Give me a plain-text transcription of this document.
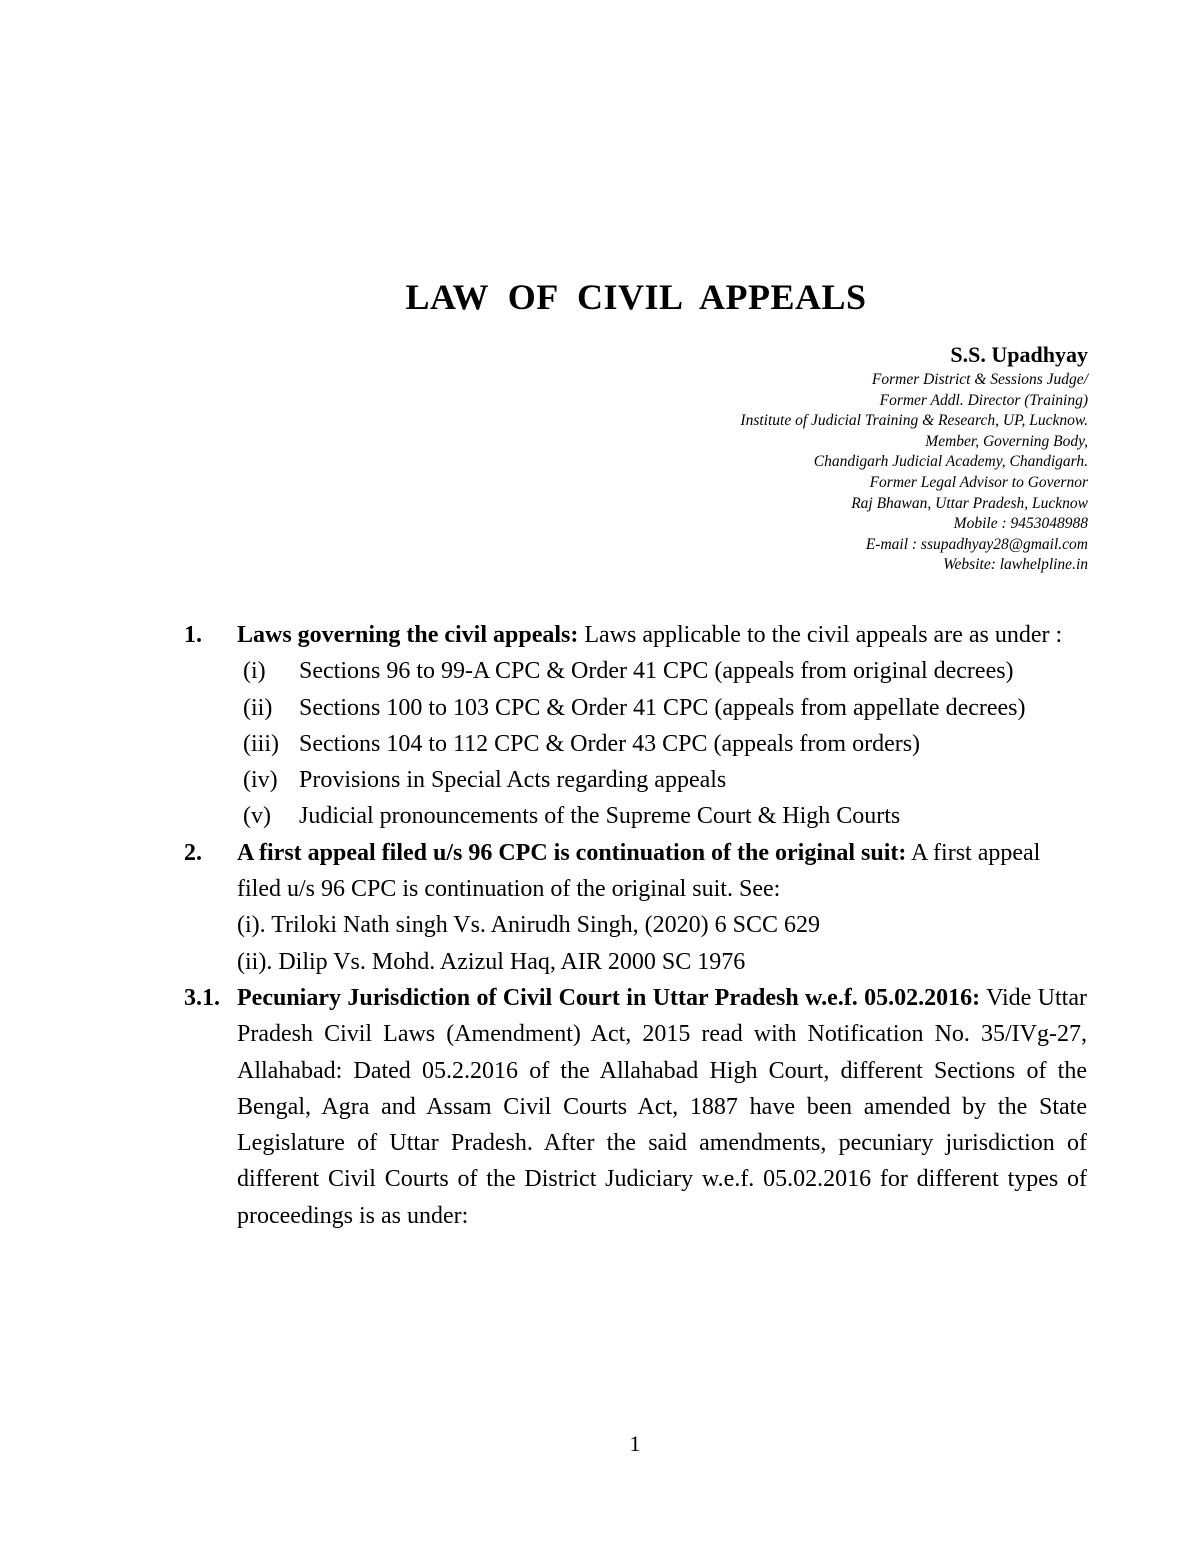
LAW OF CIVIL APPEALS
S.S. Upadhyay
Former District & Sessions Judge/
Former Addl. Director (Training)
Institute of Judicial Training & Research, UP, Lucknow.
Member, Governing Body,
Chandigarh Judicial Academy, Chandigarh.
Former Legal Advisor to Governor
Raj Bhawan, Uttar Pradesh, Lucknow
Mobile : 9453048988
E-mail : ssupadhyay28@gmail.com
Website: lawhelpline.in
1. Laws governing the civil appeals: Laws applicable to the civil appeals are as under :
(i) Sections 96 to 99-A CPC & Order 41 CPC (appeals from original decrees)
(ii) Sections 100 to 103 CPC & Order 41 CPC (appeals from appellate decrees)
(iii) Sections 104 to 112 CPC & Order 43 CPC (appeals from orders)
(iv) Provisions in Special Acts regarding appeals
(v) Judicial pronouncements of the Supreme Court & High Courts
2. A first appeal filed u/s 96 CPC is continuation of the original suit: A first appeal filed u/s 96 CPC is continuation of the original suit. See:
(i). Triloki Nath singh Vs. Anirudh Singh, (2020) 6 SCC 629
(ii). Dilip Vs. Mohd. Azizul Haq, AIR 2000 SC 1976
3.1. Pecuniary Jurisdiction of Civil Court in Uttar Pradesh w.e.f. 05.02.2016: Vide Uttar Pradesh Civil Laws (Amendment) Act, 2015 read with Notification No. 35/IVg-27, Allahabad: Dated 05.2.2016 of the Allahabad High Court, different Sections of the Bengal, Agra and Assam Civil Courts Act, 1887 have been amended by the State Legislature of Uttar Pradesh. After the said amendments, pecuniary jurisdiction of different Civil Courts of the District Judiciary w.e.f. 05.02.2016 for different types of proceedings is as under:
1
